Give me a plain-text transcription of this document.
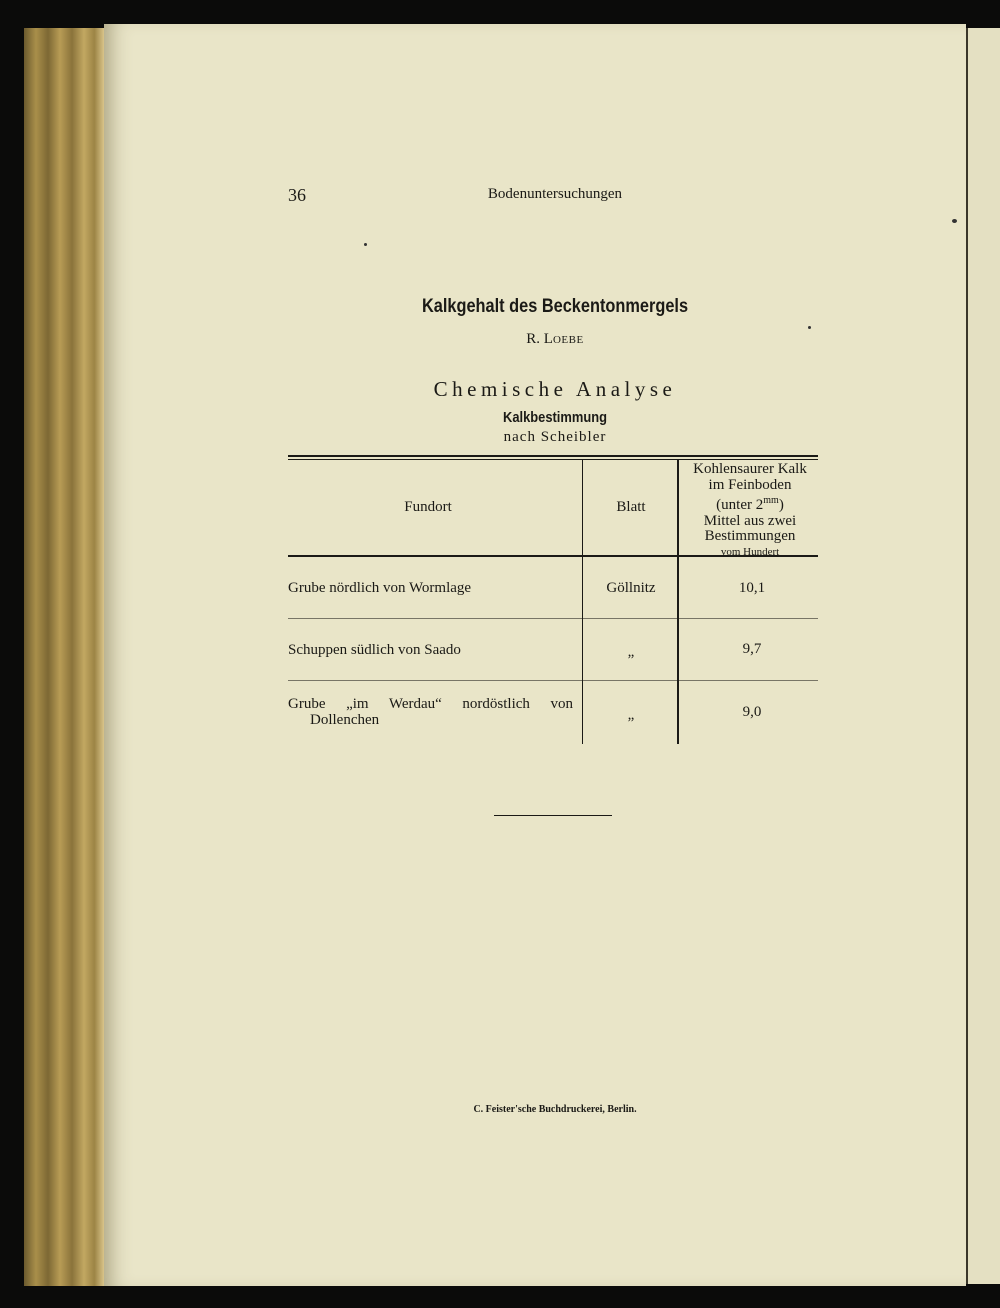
36	Bodenuntersuchungen
Kalkgehalt des Beckentonmergels
R. LOEBE
Chemische Analyse
Kalkbestimmung
nach Scheibler
Fundort	Blatt
Kohlensaurer Kalk
im Feinboden
(unter $2^{mm}$)
Mittel aus zwei
Bestimmungen
vom Hundert
Grube nördlich von Wormlage	Göllnitz	10,1
Schuppen südlich von Saado	„	9,7
Grube „im Werdau“ nordöstlich von
Dollenchen	„	9,0
C. Feister'sche Buchdruckerei, Berlin.
